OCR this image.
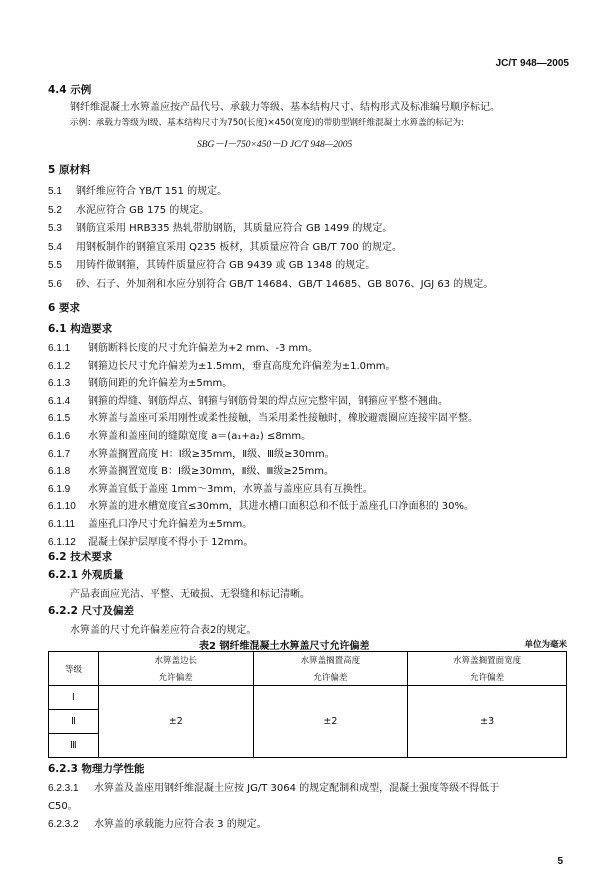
JC/T 948—2005
4.4 示例
钢纤维混凝土水箅盖应按产品代号、承载力等级、基本结构尺寸、结构形式及标准编号顺序标记。
示例：承载力等级为Ⅰ级、基本结构尺寸为750(长度)×450(宽度)的带肋型钢纤维混凝土水箅盖的标记为:
SBG－Ⅰ－750×450－D JC/T 948—2005
5 原材料
5.1 钢纤维应符合 YB/T 151 的规定。
5.2 水泥应符合 GB 175 的规定。
5.3 钢筋宜采用 HRB335 热轧带肋钢筋，其质量应符合 GB 1499 的规定。
5.4 用钢板制作的钢箍宜采用 Q235 板材，其质量应符合 GB/T 700 的规定。
5.5 用铸件做钢箍，其铸件质量应符合 GB 9439 或 GB 1348 的规定。
5.6 砂、石子、外加剂和水应分别符合 GB/T 14684、GB/T 14685、GB 8076、JGJ 63 的规定。
6 要求
6.1 构造要求
6.1.1 钢筋断料长度的尺寸允许偏差为+2 mm、-3 mm。
6.1.2 钢箍边长尺寸允许偏差为±1.5mm，垂直高度允许偏差为±1.0mm。
6.1.3 钢筋间距的允许偏差为±5mm。
6.1.4 钢箍的焊缝、钢筋焊点、钢箍与钢筋骨架的焊点应完整牢固，钢箍应平整不翘曲。
6.1.5 水箅盖与盖座可采用刚性或柔性接触，当采用柔性接触时，橡胶避震圈应连接牢固平整。
6.1.6 水箅盖和盖座间的缝隙宽度 a＝(a₁+a₂) ≤8mm。
6.1.7 水箅盖搁置高度 H：Ⅰ级≥35mm，Ⅱ级、Ⅲ级≥30mm。
6.1.8 水箅盖搁置宽度 B：Ⅰ级≥30mm，Ⅱ级、Ⅲ级≥25mm。
6.1.9 水箅盖宜低于盖座 1mm～3mm，水箅盖与盖座应具有互换性。
6.1.10 水箅盖的进水槽宽度宜≤30mm，其进水槽口面积总和不低于盖座孔口净面积的 30%。
6.1.11 盖座孔口净尺寸允许偏差为±5mm。
6.1.12 混凝土保护层厚度不得小于 12mm。
6.2 技术要求
6.2.1 外观质量
产品表面应光洁、平整、无破损、无裂缝和标记清晰。
6.2.2 尺寸及偏差
水箅盖的尺寸允许偏差应符合表2的规定。
表2 钢纤维混凝土水箅盖尺寸允许偏差	单位为毫米
等级	水箅盖边长	水箅盖搁置高度	水箅盖搁置面宽度
	允许偏差	允许偏差	允许偏差
Ⅰ	±2	±2	±3
Ⅱ			
Ⅲ			
6.2.3 物理力学性能
6.2.3.1 水箅盖及盖座用钢纤维混凝土应按 JG/T 3064 的规定配制和成型，混凝土强度等级不得低于
C50。
6.2.3.2 水箅盖的承载能力应符合表 3 的规定。
5
